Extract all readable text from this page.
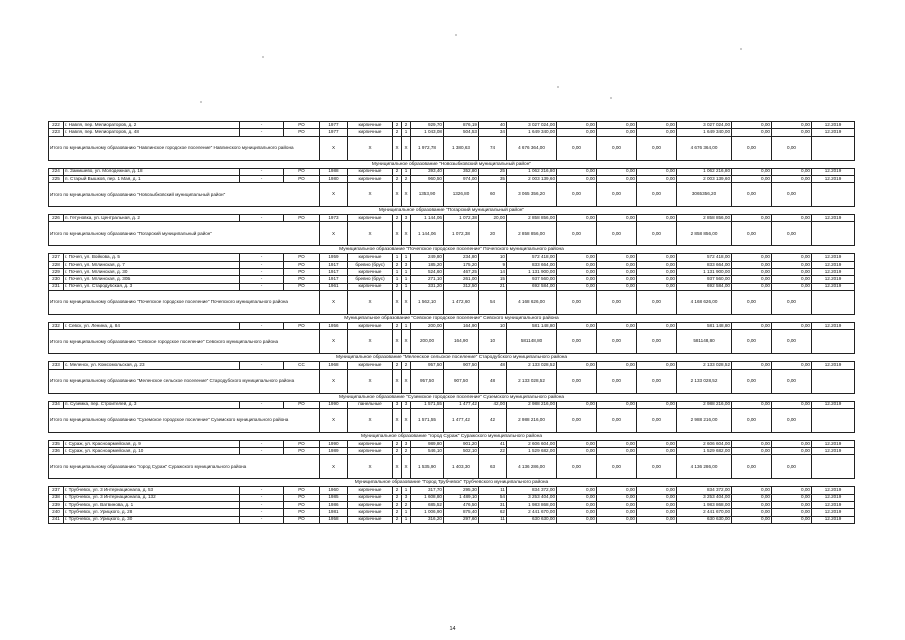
222	г. Навля, пер. Мелиораторов, д. 2	-	РО	1977	кирпичные	2	2	929,70	876,19	40	3 027 024,00	0,00	0,00	0,00	3 027 024,00	0,00	0,00	12.2019
223	г. Навля, пер. Мелиораторов, д. 48	-	РО	1977	кирпичные	2	1	1 043,08	504,53	34	1 649 340,00	0,00	0,00	0,00	1 649 340,00	0,00	0,00	12.2019
Итого по муниципальному образованию "Навлинское городское поселение" Навлинского муниципального района				X	X	X	X	1 972,78	1 380,63	74	4 676 364,00	0,00	0,00	0,00	4 676 364,00	0,00	0,00	
Муниципальное образование "Новозыбковский муниципальный район"																		
224	п. Замишево, ул. Молодежная, д. 18	-	РО	1988	кирпичные	2	1	393,40	352,80	25	1 062 216,80	0,00	0,00	0,00	1 062 216,80	0,00	0,00	12.2019
225	п. Старый Вышков, пер. 1 Мая, д. 1	-	РО	1980	кирпичные	2	2	960,50	974,00	35	2 003 139,60	0,00	0,00	0,00	2 003 139,60	0,00	0,00	12.2019
Итого по муниципальному образованию "Новозыбковский муниципальный район"				X	X	X	X	1353,90	1326,80	60	3 065 356,20	0,00	0,00	0,00	3065356,20	0,00	0,00	
Муниципальное образование "Погарский муниципальный район"																		
226	п. Гетуновка, ул. Центральная, д. 2	-	РО	1973	кирпичные	2	3	1 144,06	1 072,38	20,00	2 858 856,00	0,00	0,00	0,00	2 858 856,00	0,00	0,00	12.2019
Итого по муниципальному образованию "Погарский муниципальный район"				X	X	X	X	1 144,06	1 072,38	20	2 858 856,00	0,00	0,00	0,00	2 858 856,00	0,00	0,00	
Муниципальное образование "Почепское городское поселение" Почепского муниципального района																		
227	г. Почеп, ул. Войкова, д. 5	-	РО	1959	кирпичные	1	1	249,80	234,80	10	572 418,00	0,00	0,00	0,00	572 418,00	0,00	0,00	12.2019
228	г. Почеп, ул. Мглинская, д. 7	-	РО	1917	бревно (брус)	2	3	185,20	175,20	9	833 664,00	0,00	0,00	0,00	833 664,00	0,00	0,00	12.2019
229	г. Почеп, ул. Мглинская, д. 30	-	РО	1917	кирпичные	1	1	524,60	467,25	14	1 131 900,00	0,00	0,00	0,00	1 131 900,00	0,00	0,00	12.2019
230	г. Почеп, ул. Мглинская, д. 30Б	-	РО	1917	бревно (брус)	1	1	271,10	261,00	15	937 560,00	0,00	0,00	0,00	937 560,00	0,00	0,00	12.2019
231	г. Почеп, ул. Стародубская, д. 3	-	РО	1961	кирпичные	2	1	331,20	312,50	21	692 584,00	0,00	0,00	0,00	692 584,00	0,00	0,00	12.2019
Итого по муниципальному образованию "Почепское городское поселение" Почепского муниципального района				X	X	X	X	1 562,10	1 472,60	54	4 168 626,00	0,00	0,00	0,00	4 168 626,00	0,00	0,00	
Муниципальное образование "Севское городское поселение" Севского муниципального района																		
232	г. Севск, ул. Ленина, д. 84	-	РО	1956	кирпичные	2	1	200,00	164,90	10	581 148,80	0,00	0,00	0,00	581 148,80	0,00	0,00	12.2019
Итого по муниципальному образованию "Севское городское поселение" Севского муниципального района				X	X	X	X	200,00	164,90	10	581148,80	0,00	0,00	0,00	581148,80	0,00	0,00	
Муниципальное образование "Меленское сельское поселение" Стародубского муниципального района																		
233	с. Меленск, ул. Комсомольская, д. 23	-	СС	1968	кирпичные	2	2	957,50	907,50	48	2 133 028,52	0,00	0,00	0,00	2 133 028,52	0,00	0,00	12.2019
Итого по муниципальному образованию "Меленское сельское поселение" Стародубского муниципального района				X	X	X	X	957,50	907,50	48	2 133 028,52	0,00	0,00	0,00	2 133 028,52	0,00	0,00	
Муниципальное образование "Суземское городское поселение" Суземского муниципального района																		
234	п. Суземка, пер. Строителей, д. 3	-	РО	1990	панельные	3	3	1 571,55	1 477,42	42,00	2 988 216,00	0,00	0,00	0,00	2 988 216,00	0,00	0,00	12.2019
Итого по муниципальному образованию "Суземское городское поселение" Суземского муниципального района				X	X	X	X	1 571,55	1 477,42	42	2 988 216,00	0,00	0,00	0,00	2 988 216,00	0,00	0,00	
Муниципальное образование "город Сураж" Суражского муниципального района																		
235	г. Сураж, ул. Красноармейская, д. 9	-	РО	1990	кирпичные	2	3	989,80	901,20	41	2 606 604,00	0,00	0,00	0,00	2 606 604,00	0,00	0,00	12.2019
236	г. Сураж, ул. Красноармейская, д. 10	-	РО	1989	кирпичные	2	2	546,10	502,10	22	1 529 682,00	0,00	0,00	0,00	1 529 682,00	0,00	0,00	12.2019
Итого по муниципальному образованию "город Сураж" Суражского муниципального района				X	X	X	X	1 535,90	1 403,30	63	4 136 286,00	0,00	0,00	0,00	4 136 286,00	0,00	0,00	
Муниципальное образование "Город Трубчевск" Трубчевского муниципального района																		
237	г. Трубчевск, ул. 3 Интернационала, д. 53	-	РО	1960	кирпичные	2	1	317,70	295,30	11	834 372,00	0,00	0,00	0,00	834 372,00	0,00	0,00	12.2019
238	г. Трубчевск, ул. 3 Интернационала, д. 132	-	РО	1985	кирпичные	2	3	1 608,80	1 489,10	54	3 253 404,00	0,00	0,00	0,00	3 253 404,00	0,00	0,00	12.2019
239	г. Трубчевск, ул. Ватвинова, д. 1	-	РО	1986	кирпичные	2	2	685,52	476,50	31	1 983 868,00	0,00	0,00	0,00	1 983 868,00	0,00	0,00	12.2019
240	г. Трубчевск, ул. Урицкого, д. 28	-	РО	1981	кирпичные	2	1	1 006,90	875,40	62	2 441 670,00	0,00	0,00	0,00	2 441 670,00	0,00	0,00	12.2019
241	г. Трубчевск, ул. Урицкого, д. 30	-	РО	1958	кирпичные	2	1	316,20	297,60	11	630 630,00	0,00	0,00	0,00	630 630,00	0,00	0,00	12.2019
14
